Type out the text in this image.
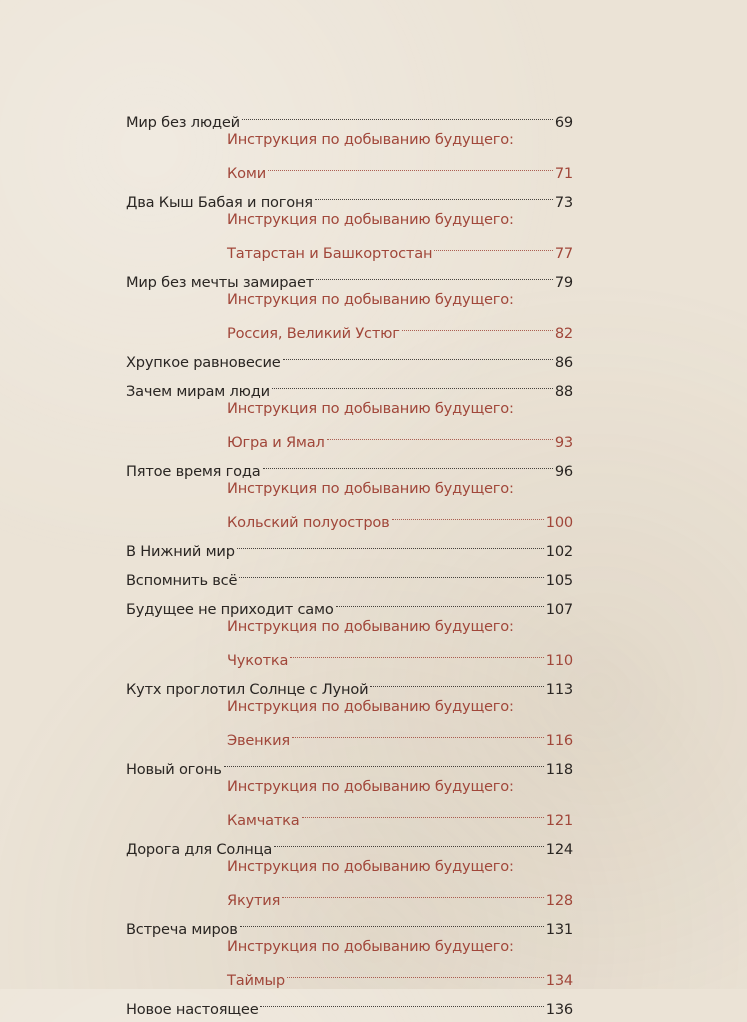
Мир без людей	69
Инструкция по добыванию будущего:
Коми	71
Два Кыш Бабая и погоня	73
Инструкция по добыванию будущего:
Татарстан и Башкортостан	77
Мир без мечты замирает	79
Инструкция по добыванию будущего:
Россия, Великий Устюг	82
Хрупкое равновесие	86
Зачем мирам люди	88
Инструкция по добыванию будущего:
Югра и Ямал	93
Пятое время года	96
Инструкция по добыванию будущего:
Кольский полуостров	100
В Нижний мир	102
Вспомнить всё	105
Будущее не приходит само	107
Инструкция по добыванию будущего:
Чукотка	110
Кутх проглотил Солнце с Луной	113
Инструкция по добыванию будущего:
Эвенкия	116
Новый огонь	118
Инструкция по добыванию будущего:
Камчатка	121
Дорога для Солнца	124
Инструкция по добыванию будущего:
Якутия	128
Встреча миров	131
Инструкция по добыванию будущего:
Таймыр	134
Новое настоящее	136
